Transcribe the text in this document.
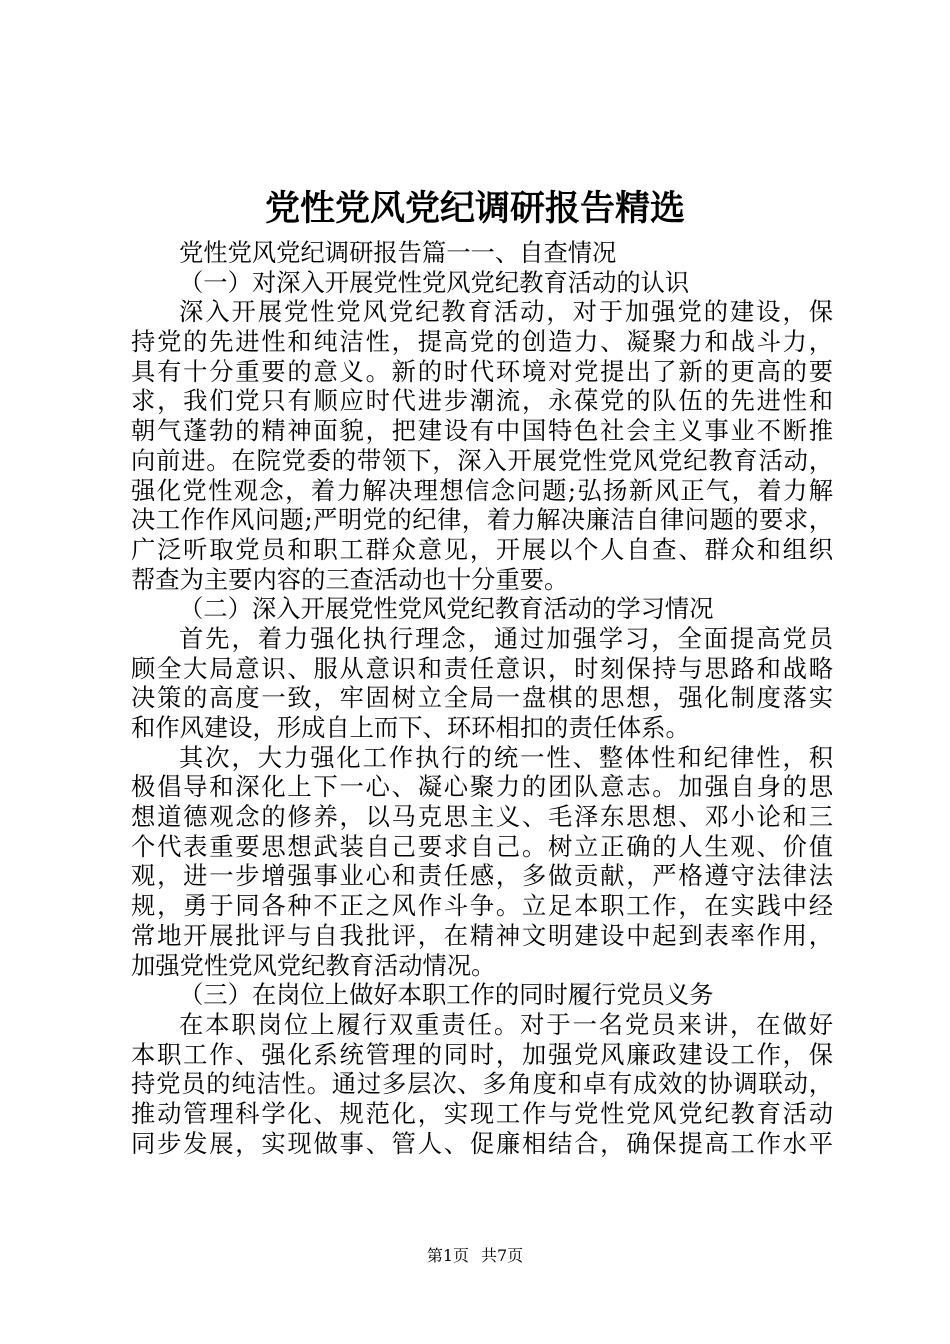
党性党风党纪调研报告精选
党性党风党纪调研报告篇一一、自查情况
（一）对深入开展党性党风党纪教育活动的认识
深入开展党性党风党纪教育活动，对于加强党的建设，保
持党的先进性和纯洁性，提高党的创造力、凝聚力和战斗力，
具有十分重要的意义。新的时代环境对党提出了新的更高的要
求，我们党只有顺应时代进步潮流，永葆党的队伍的先进性和
朝气蓬勃的精神面貌，把建设有中国特色社会主义事业不断推
向前进。在院党委的带领下，深入开展党性党风党纪教育活动，
强化党性观念，着力解决理想信念问题;弘扬新风正气，着力解
决工作作风问题;严明党的纪律，着力解决廉洁自律问题的要求，
广泛听取党员和职工群众意见，开展以个人自查、群众和组织
帮查为主要内容的三查活动也十分重要。
（二）深入开展党性党风党纪教育活动的学习情况
首先，着力强化执行理念，通过加强学习，全面提高党员
顾全大局意识、服从意识和责任意识，时刻保持与思路和战略
决策的高度一致，牢固树立全局一盘棋的思想，强化制度落实
和作风建设，形成自上而下、环环相扣的责任体系。
其次，大力强化工作执行的统一性、整体性和纪律性，积
极倡导和深化上下一心、凝心聚力的团队意志。加强自身的思
想道德观念的修养，以马克思主义、毛泽东思想、邓小论和三
个代表重要思想武装自己要求自己。树立正确的人生观、价值
观，进一步增强事业心和责任感，多做贡献，严格遵守法律法
规，勇于同各种不正之风作斗争。立足本职工作，在实践中经
常地开展批评与自我批评，在精神文明建设中起到表率作用，
加强党性党风党纪教育活动情况。
（三）在岗位上做好本职工作的同时履行党员义务
在本职岗位上履行双重责任。对于一名党员来讲，在做好
本职工作、强化系统管理的同时，加强党风廉政建设工作，保
持党员的纯洁性。通过多层次、多角度和卓有成效的协调联动，
推动管理科学化、规范化，实现工作与党性党风党纪教育活动
同步发展，实现做事、管人、促廉相结合，确保提高工作水平
第1页 共7页
